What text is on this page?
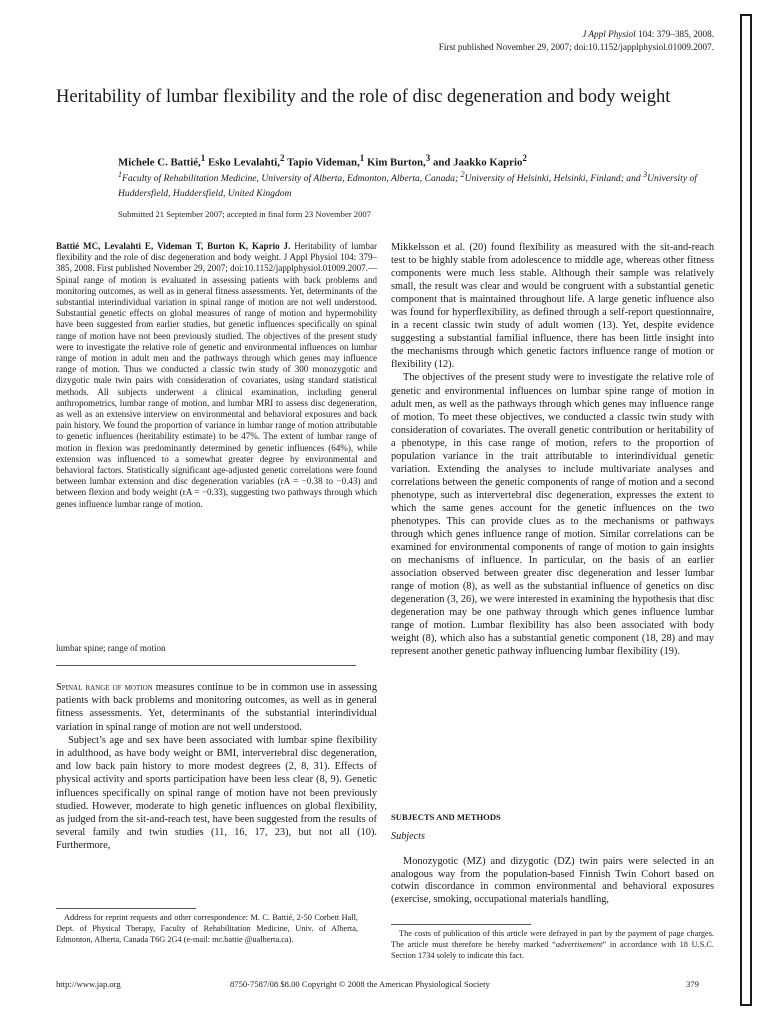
J Appl Physiol 104: 379–385, 2008.
First published November 29, 2007; doi:10.1152/japplphysiol.01009.2007.
Heritability of lumbar flexibility and the role of disc degeneration and body weight
Michele C. Battié,$^1$ Esko Levalahti,$^2$ Tapio Videman,$^1$ Kim Burton,$^3$ and Jaakko Kaprio$^2$
$^1$Faculty of Rehabilitation Medicine, University of Alberta, Edmonton, Alberta, Canada; $^2$University of Helsinki, Helsinki, Finland; and $^3$University of Huddersfield, Huddersfield, United Kingdom
Submitted 21 September 2007; accepted in final form 23 November 2007

Battié MC, Levalahti E, Videman T, Burton K, Kaprio J. Heritability of lumbar flexibility and the role of disc degeneration and body weight. J Appl Physiol 104: 379–385, 2008. First published November 29, 2007; doi:10.1152/japplphysiol.01009.2007.—Spinal range of motion is evaluated in assessing patients with back problems and monitoring outcomes, as well as in general fitness assessments. Yet, determinants of the substantial interindividual variation in spinal range of motion are not well understood. Substantial genetic effects on global measures of range of motion and hypermobility have been suggested from earlier studies, but genetic influences specifically on spinal range of motion have not been previously studied. The objectives of the present study were to investigate the relative role of genetic and environmental influences on lumbar range of motion in adult men and the pathways through which genes may influence range of motion. Thus we conducted a classic twin study of 300 monozygotic and dizygotic male twin pairs with consideration of covariates, using standard statistical methods. All subjects underwent a clinical examination, including general anthropometrics, lumbar range of motion, and lumbar MRI to assess disc degeneration, as well as an extensive interview on environmental and behavioral exposures and back pain history. We found the proportion of variance in lumbar range of motion attributable to genetic influences (heritability estimate) to be 47%. The extent of lumbar range of motion in flexion was predominantly determined by genetic influences (64%), while extension was influenced to a somewhat greater degree by environmental and behavioral factors. Statistically significant age-adjusted genetic correlations were found between lumbar extension and disc degeneration variables (rA = −0.38 to −0.43) and between flexion and body weight (rA = −0.33), suggesting two pathways through which genes influence lumbar range of motion.

lumbar spine; range of motion

Spinal range of motion measures continue to be in common use in assessing patients with back problems and monitoring outcomes, as well as in general fitness assessments. Yet, determinants of the substantial interindividual variation in spinal range of motion are not well understood.

Subject’s age and sex have been associated with lumbar spine flexibility in adulthood, as have body weight or BMI, intervertebral disc degeneration, and low back pain history to more modest degrees (2, 8, 31). Effects of physical activity and sports participation have been less clear (8, 9). Genetic influences specifically on spinal range of motion have not been previously studied. However, moderate to high genetic influences on global flexibility, as judged from the sit-and-reach test, have been suggested from the results of several family and twin studies (11, 16, 17, 23), but not all (10). Furthermore,

Mikkelsson et al. (20) found flexibility as measured with the sit-and-reach test to be highly stable from adolescence to middle age, whereas other fitness components were much less stable. Although their sample was relatively small, the result was clear and would be congruent with a substantial genetic component that is maintained throughout life. A large genetic influence also was found for hyperflexibility, as defined through a self-report questionnaire, in a recent classic twin study of adult women (13). Yet, despite evidence suggesting a substantial familial influence, there has been little insight into the mechanisms through which genetic factors influence range of motion or flexibility (12).

The objectives of the present study were to investigate the relative role of genetic and environmental influences on lumbar spine range of motion in adult men, as well as the pathways through which genes may influence range of motion. To meet these objectives, we conducted a classic twin study with consideration of covariates. The overall genetic contribution or heritability of a phenotype, in this case range of motion, refers to the proportion of population variance in the trait attributable to interindividual genetic variation. Extending the analyses to include multivariate analyses and correlations between the genetic components of range of motion and a second phenotype, such as intervertebral disc degeneration, expresses the extent to which the same genes account for the genetic influences on the two phenotypes. This can provide clues as to the mechanisms or pathways through which genes influence range of motion. Similar correlations can be examined for environmental components of range of motion to gain insights on mechanisms of influence. In particular, on the basis of an earlier association observed between greater disc degeneration and lesser lumbar range of motion (8), as well as the substantial influence of genetics on disc degeneration (3, 26), we were interested in examining the hypothesis that disc degeneration may be one pathway through which genes influence lumbar range of motion. Lumbar flexibility has also been associated with body weight (8), which also has a substantial genetic component (18, 28) and may represent another genetic pathway influencing lumbar flexibility (19).

SUBJECTS AND METHODS
Subjects

Monozygotic (MZ) and dizygotic (DZ) twin pairs were selected in an analogous way from the population-based Finnish Twin Cohort based on cotwin discordance in common environmental and behavioral exposures (exercise, smoking, occupational materials handling,

Address for reprint requests and other correspondence: M. C. Battié, 2-50 Corbett Hall, Dept. of Physical Therapy, Faculty of Rehabilitation Medicine, Univ. of Alberta, Edmonton, Alberta, Canada T6G 2G4 (e-mail: mc.battie @ualberta.ca).

The costs of publication of this article were defrayed in part by the payment of page charges. The article must therefore be hereby marked “advertisement” in accordance with 18 U.S.C. Section 1734 solely to indicate this fact.

http://www.jap.org	8750-7587/08 $8.00 Copyright © 2008 the American Physiological Society	379
